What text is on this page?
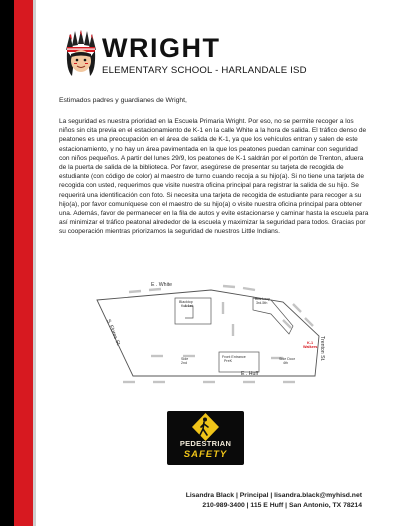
WRIGHT
ELEMENTARY SCHOOL - HARLANDALE ISD
Estimados padres y guardianes de Wright,
La seguridad es nuestra prioridad en la Escuela Primaria Wright. Por eso, no se permite recoger a los niños sin cita previa en el estacionamiento de K-1 en la calle White a la hora de salida. El tráfico denso de peatones es una preocupación en el área de salida de K-1, ya que los vehículos entran y salen de este estacionamiento, y no hay un área pavimentada en la que los peatones puedan caminar con seguridad con niños pequeños. A partir del lunes 29/9, los peatones de K-1 saldrán por el portón de Trenton, afuera de la puerta de salida de la biblioteca. Por favor, asegúrese de presentar su tarjeta de recogida de estudiante (con código de color) al maestro de turno cuando recoja a su hijo(a). Si no tiene una tarjeta de recogida con usted, requerimos que visite nuestra oficina principal para registrar la salida de su hijo. Se requerirá una identificación con foto. Si necesita una tarjeta de recogida de estudiante para recoger a su hijo(a), por favor comuníquese con el maestro de su hijo(a) o visite nuestra oficina principal para obtener una. Además, favor de permanecer en la fila de autos y evite estacionarse y caminar hasta la escuela para así minimizar el tráfico peatonal alrededor de la escuela y maximizar la seguridad para todos. Gracias por su cooperación mientras priorizamos la seguridad de nuestros Little Indians.
E . White
E . Huff
S. Flores St.
Trenton St.
Blacktop K & 1st
Bus Loop 3rd-5th
Front Entrance PreK
Side 2nd
Side Door 4th
K-1 Walkers
PEDESTRIAN
SAFETY
Lisandra Black | Principal | lisandra.black@myhisd.net
210-989-3400 | 115 E Huff | San Antonio, TX 78214
